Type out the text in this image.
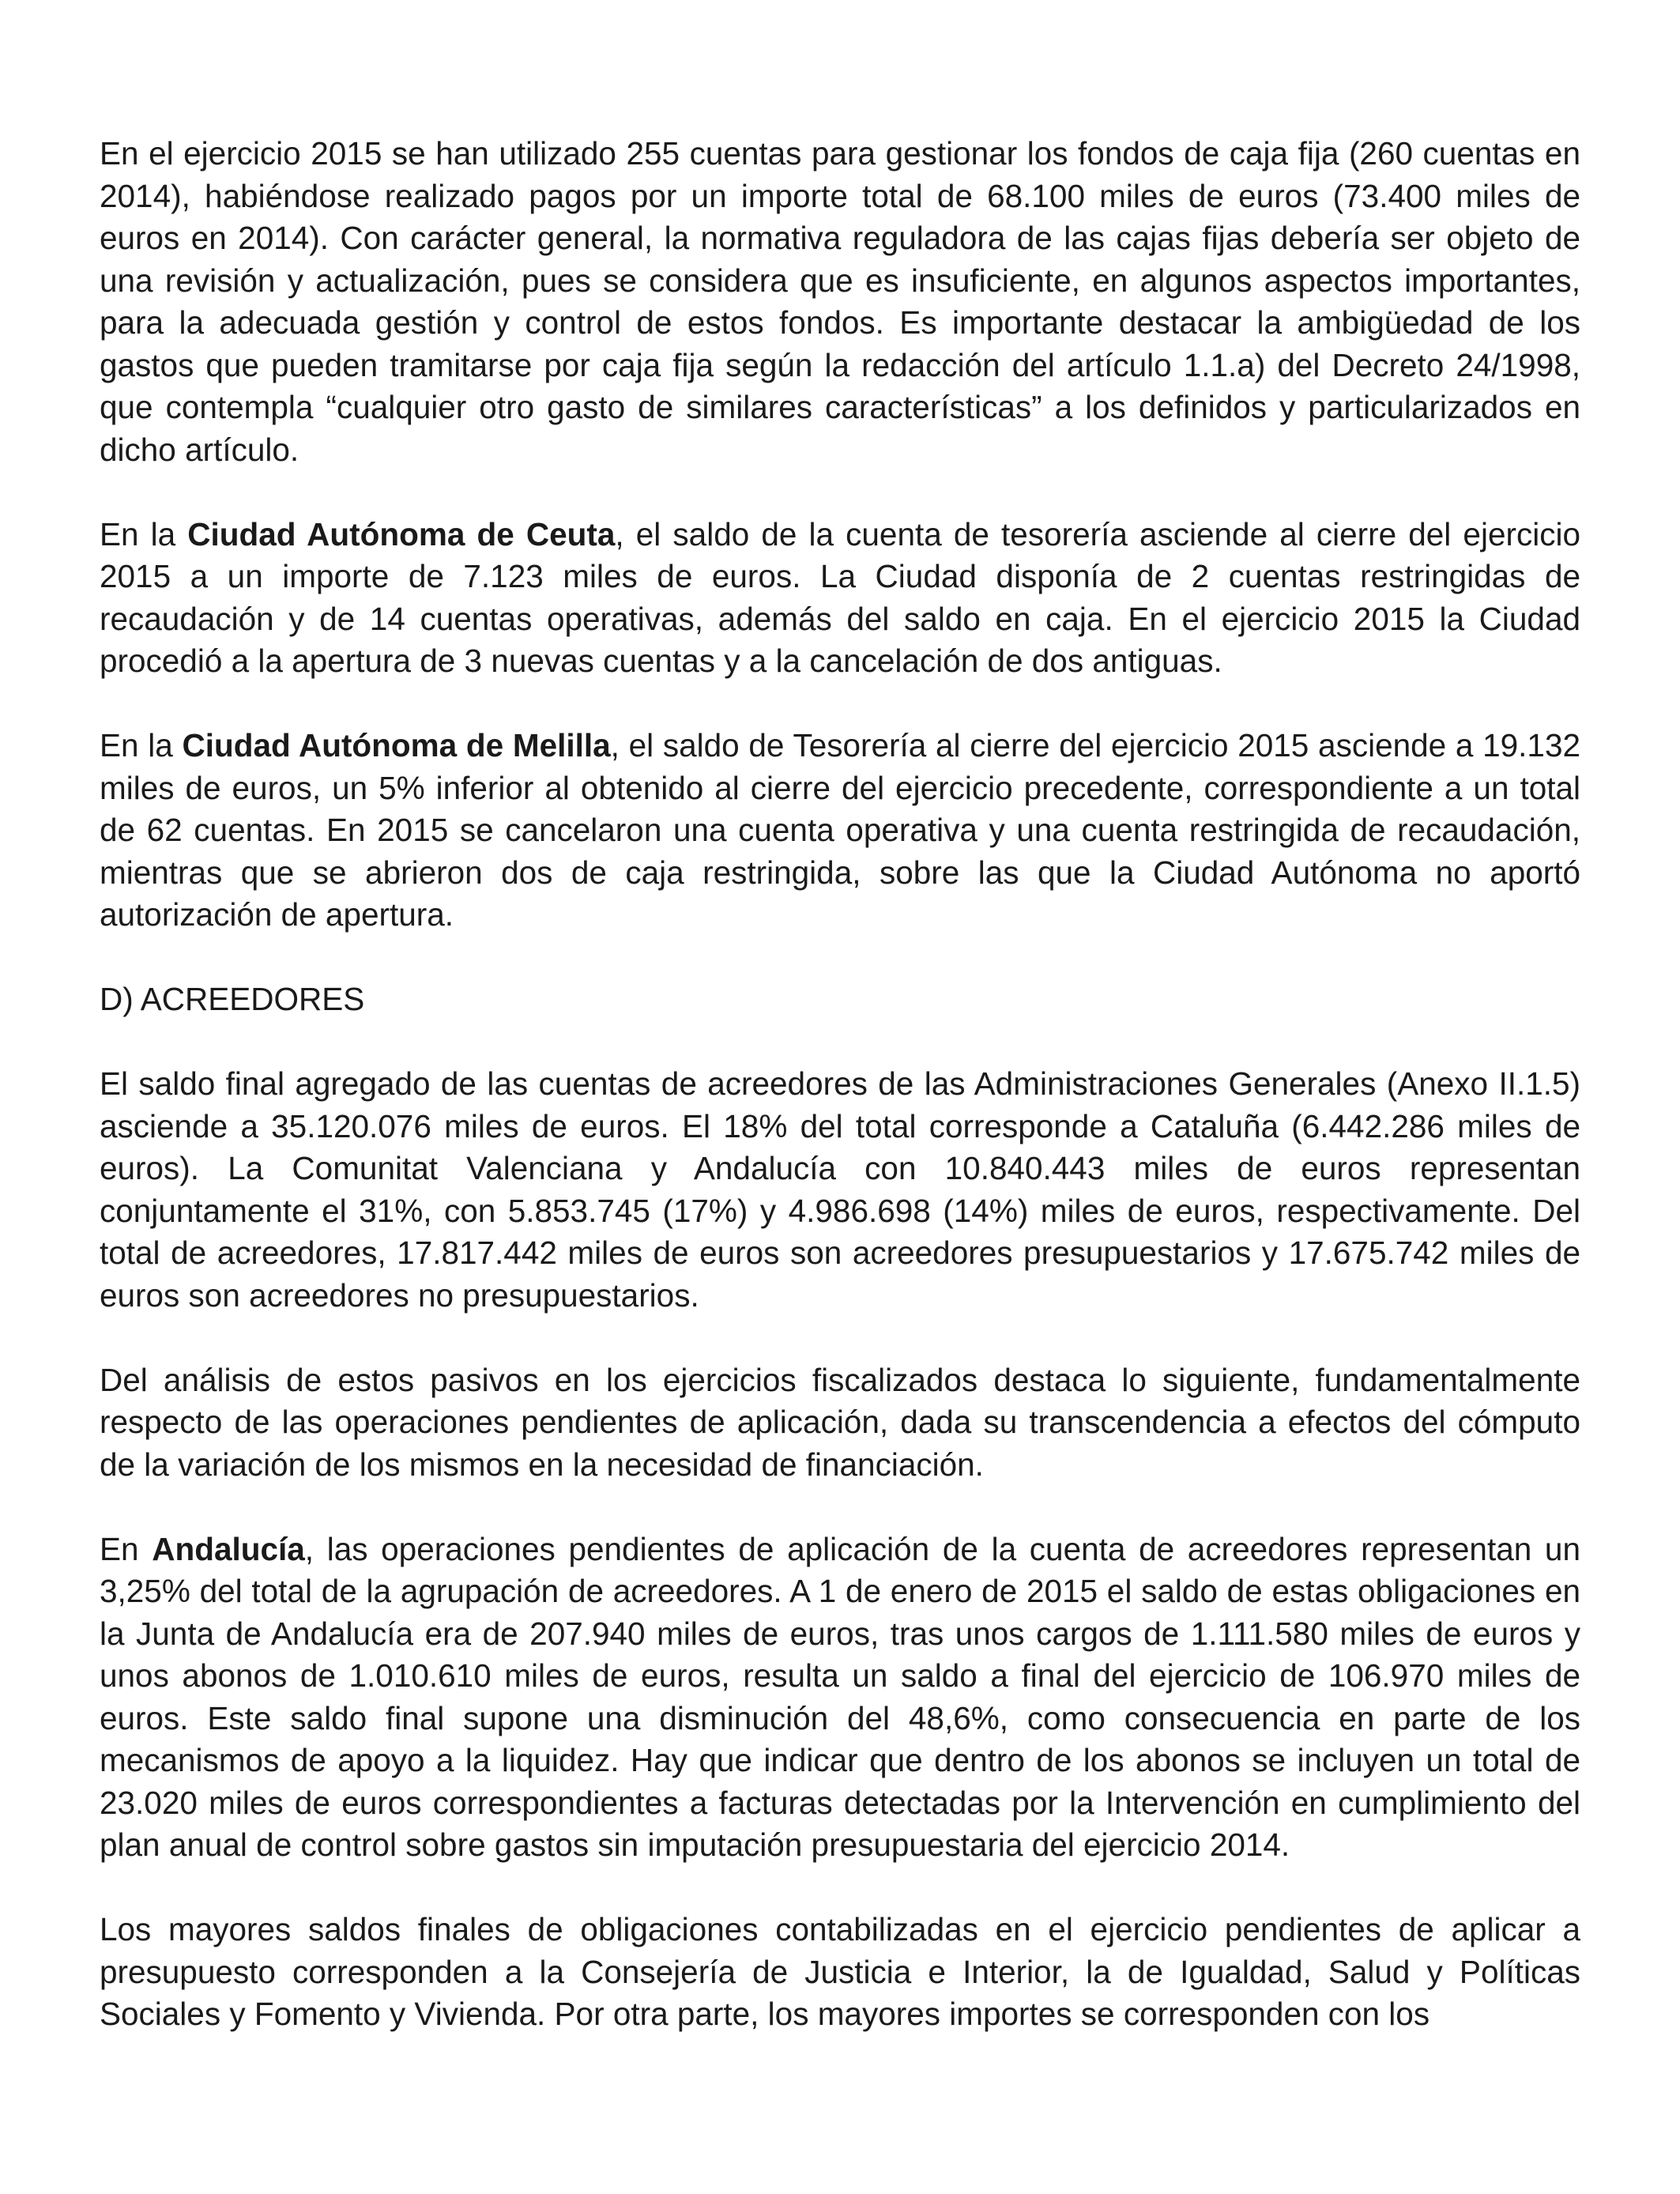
En el ejercicio 2015 se han utilizado 255 cuentas para gestionar los fondos de caja fija (260 cuentas en 2014), habiéndose realizado pagos por un importe total de 68.100 miles de euros (73.400 miles de euros en 2014). Con carácter general, la normativa reguladora de las cajas fijas debería ser objeto de una revisión y actualización, pues se considera que es insuficiente, en algunos aspectos importantes, para la adecuada gestión y control de estos fondos. Es importante destacar la ambigüedad de los gastos que pueden tramitarse por caja fija según la redacción del artículo 1.1.a) del Decreto 24/1998, que contempla “cualquier otro gasto de similares características” a los definidos y particularizados en dicho artículo.

En la Ciudad Autónoma de Ceuta, el saldo de la cuenta de tesorería asciende al cierre del ejercicio 2015 a un importe de 7.123 miles de euros. La Ciudad disponía de 2 cuentas restringidas de recaudación y de 14 cuentas operativas, además del saldo en caja. En el ejercicio 2015 la Ciudad procedió a la apertura de 3 nuevas cuentas y a la cancelación de dos antiguas.

En la Ciudad Autónoma de Melilla, el saldo de Tesorería al cierre del ejercicio 2015 asciende a 19.132 miles de euros, un 5% inferior al obtenido al cierre del ejercicio precedente, correspondiente a un total de 62 cuentas. En 2015 se cancelaron una cuenta operativa y una cuenta restringida de recaudación, mientras que se abrieron dos de caja restringida, sobre las que la Ciudad Autónoma no aportó autorización de apertura.

D) ACREEDORES

El saldo final agregado de las cuentas de acreedores de las Administraciones Generales (Anexo II.1.5) asciende a 35.120.076 miles de euros. El 18% del total corresponde a Cataluña (6.442.286 miles de euros). La Comunitat Valenciana y Andalucía con 10.840.443 miles de euros representan conjuntamente el 31%, con 5.853.745 (17%) y 4.986.698 (14%) miles de euros, respectivamente. Del total de acreedores, 17.817.442 miles de euros son acreedores presupuestarios y 17.675.742 miles de euros son acreedores no presupuestarios.

Del análisis de estos pasivos en los ejercicios fiscalizados destaca lo siguiente, fundamentalmente respecto de las operaciones pendientes de aplicación, dada su transcendencia a efectos del cómputo de la variación de los mismos en la necesidad de financiación.

En Andalucía, las operaciones pendientes de aplicación de la cuenta de acreedores representan un 3,25% del total de la agrupación de acreedores. A 1 de enero de 2015 el saldo de estas obligaciones en la Junta de Andalucía era de 207.940 miles de euros, tras unos cargos de 1.111.580 miles de euros y unos abonos de 1.010.610 miles de euros, resulta un saldo a final del ejercicio de 106.970 miles de euros. Este saldo final supone una disminución del 48,6%, como consecuencia en parte de los mecanismos de apoyo a la liquidez. Hay que indicar que dentro de los abonos se incluyen un total de 23.020 miles de euros correspondientes a facturas detectadas por la Intervención en cumplimiento del plan anual de control sobre gastos sin imputación presupuestaria del ejercicio 2014.

Los mayores saldos finales de obligaciones contabilizadas en el ejercicio pendientes de aplicar a presupuesto corresponden a la Consejería de Justicia e Interior, la de Igualdad, Salud y Políticas Sociales y Fomento y Vivienda. Por otra parte, los mayores importes se corresponden con los
